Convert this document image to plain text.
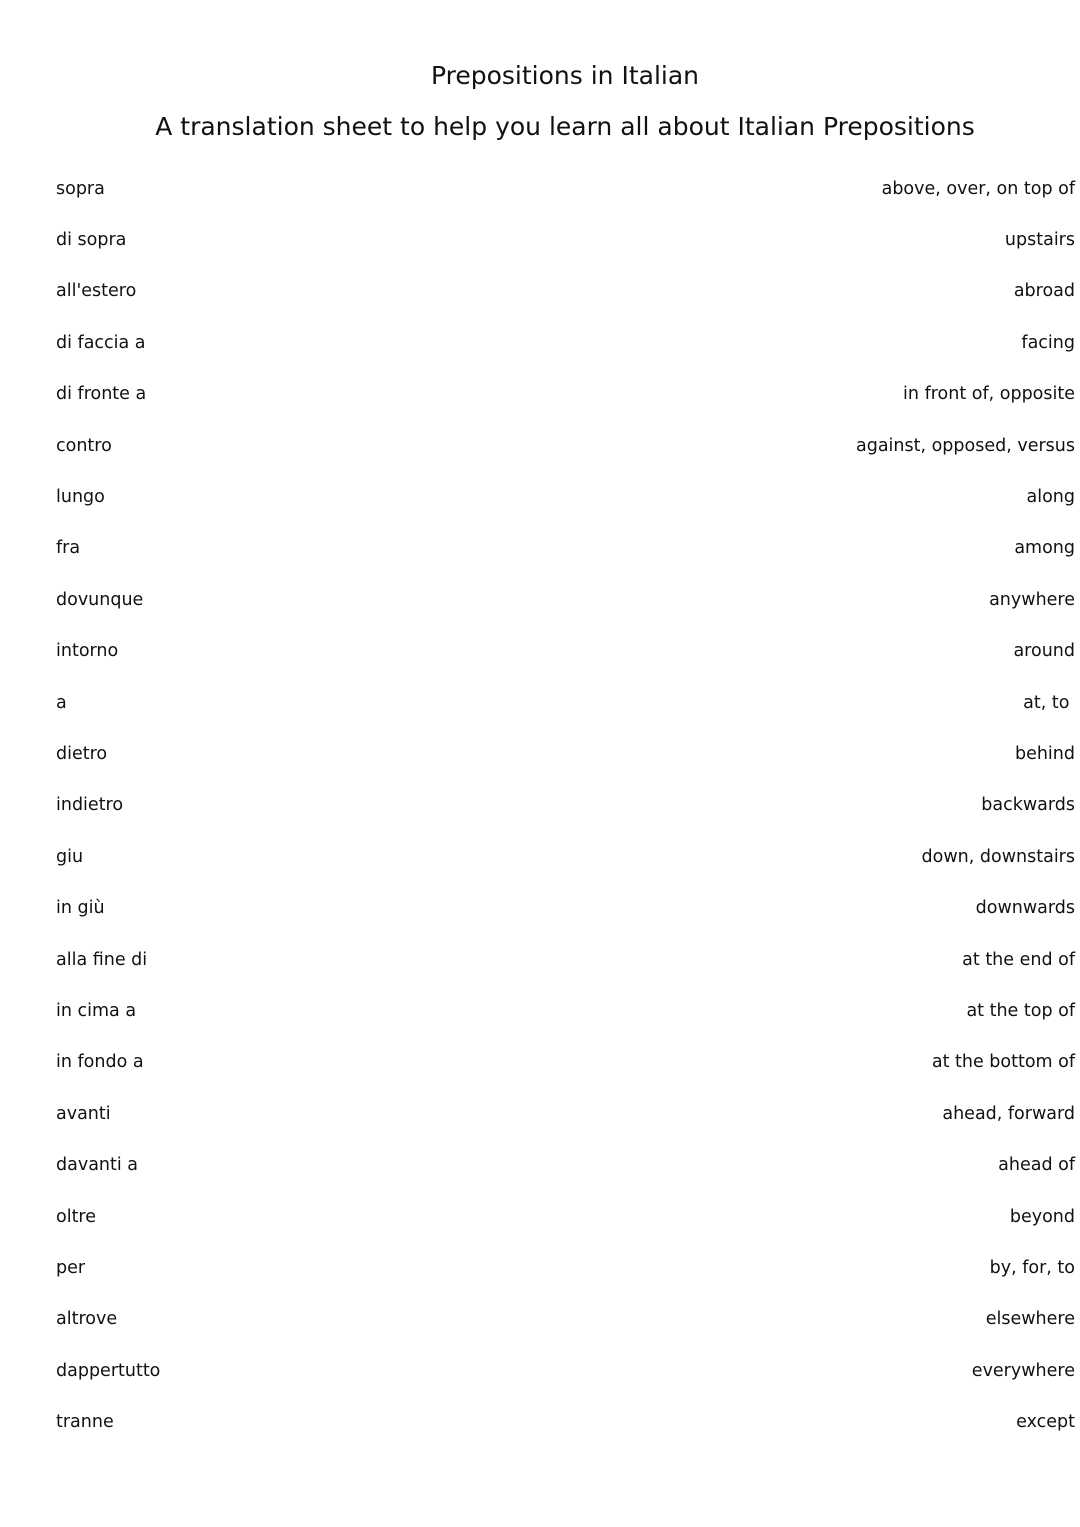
Prepositions in Italian
A translation sheet to help you learn all about Italian Prepositions
sopra	above, over, on top of
di sopra	upstairs
all'estero	abroad
di faccia a	facing
di fronte a	in front of, opposite
contro	against, opposed, versus
lungo	along
fra	among
dovunque	anywhere
intorno	around
a	at, to
dietro	behind
indietro	backwards
giu	down, downstairs
in giù	downwards
alla fine di	at the end of
in cima a	at the top of
in fondo a	at the bottom of
avanti	ahead, forward
davanti a	ahead of
oltre	beyond
per	by, for, to
altrove	elsewhere
dappertutto	everywhere
tranne	except
